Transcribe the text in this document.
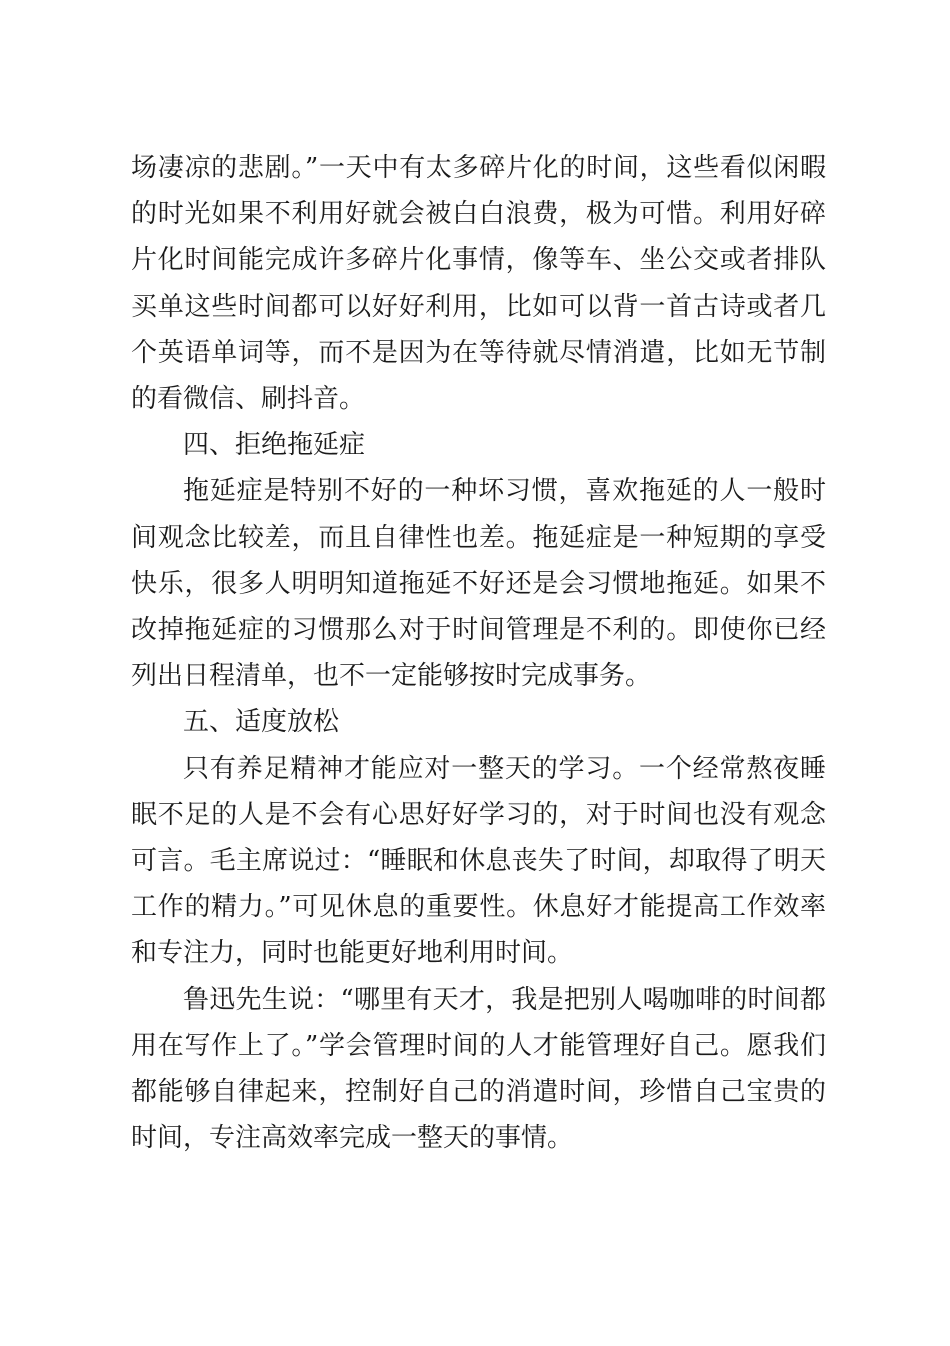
场凄凉的悲剧。”一天中有太多碎片化的时间，这些看似闲暇的时光如果不利用好就会被白白浪费，极为可惜。利用好碎片化时间能完成许多碎片化事情，像等车、坐公交或者排队买单这些时间都可以好好利用，比如可以背一首古诗或者几个英语单词等，而不是因为在等待就尽情消遣，比如无节制的看微信、刷抖音。

四、拒绝拖延症

拖延症是特别不好的一种坏习惯，喜欢拖延的人一般时间观念比较差，而且自律性也差。拖延症是一种短期的享受快乐，很多人明明知道拖延不好还是会习惯地拖延。如果不改掉拖延症的习惯那么对于时间管理是不利的。即使你已经列出日程清单，也不一定能够按时完成事务。

五、适度放松

只有养足精神才能应对一整天的学习。一个经常熬夜睡眠不足的人是不会有心思好好学习的，对于时间也没有观念可言。毛主席说过：“睡眠和休息丧失了时间，却取得了明天工作的精力。”可见休息的重要性。休息好才能提高工作效率和专注力，同时也能更好地利用时间。

鲁迅先生说：“哪里有天才，我是把别人喝咖啡的时间都用在写作上了。”学会管理时间的人才能管理好自己。愿我们都能够自律起来，控制好自己的消遣时间，珍惜自己宝贵的时间，专注高效率完成一整天的事情。
